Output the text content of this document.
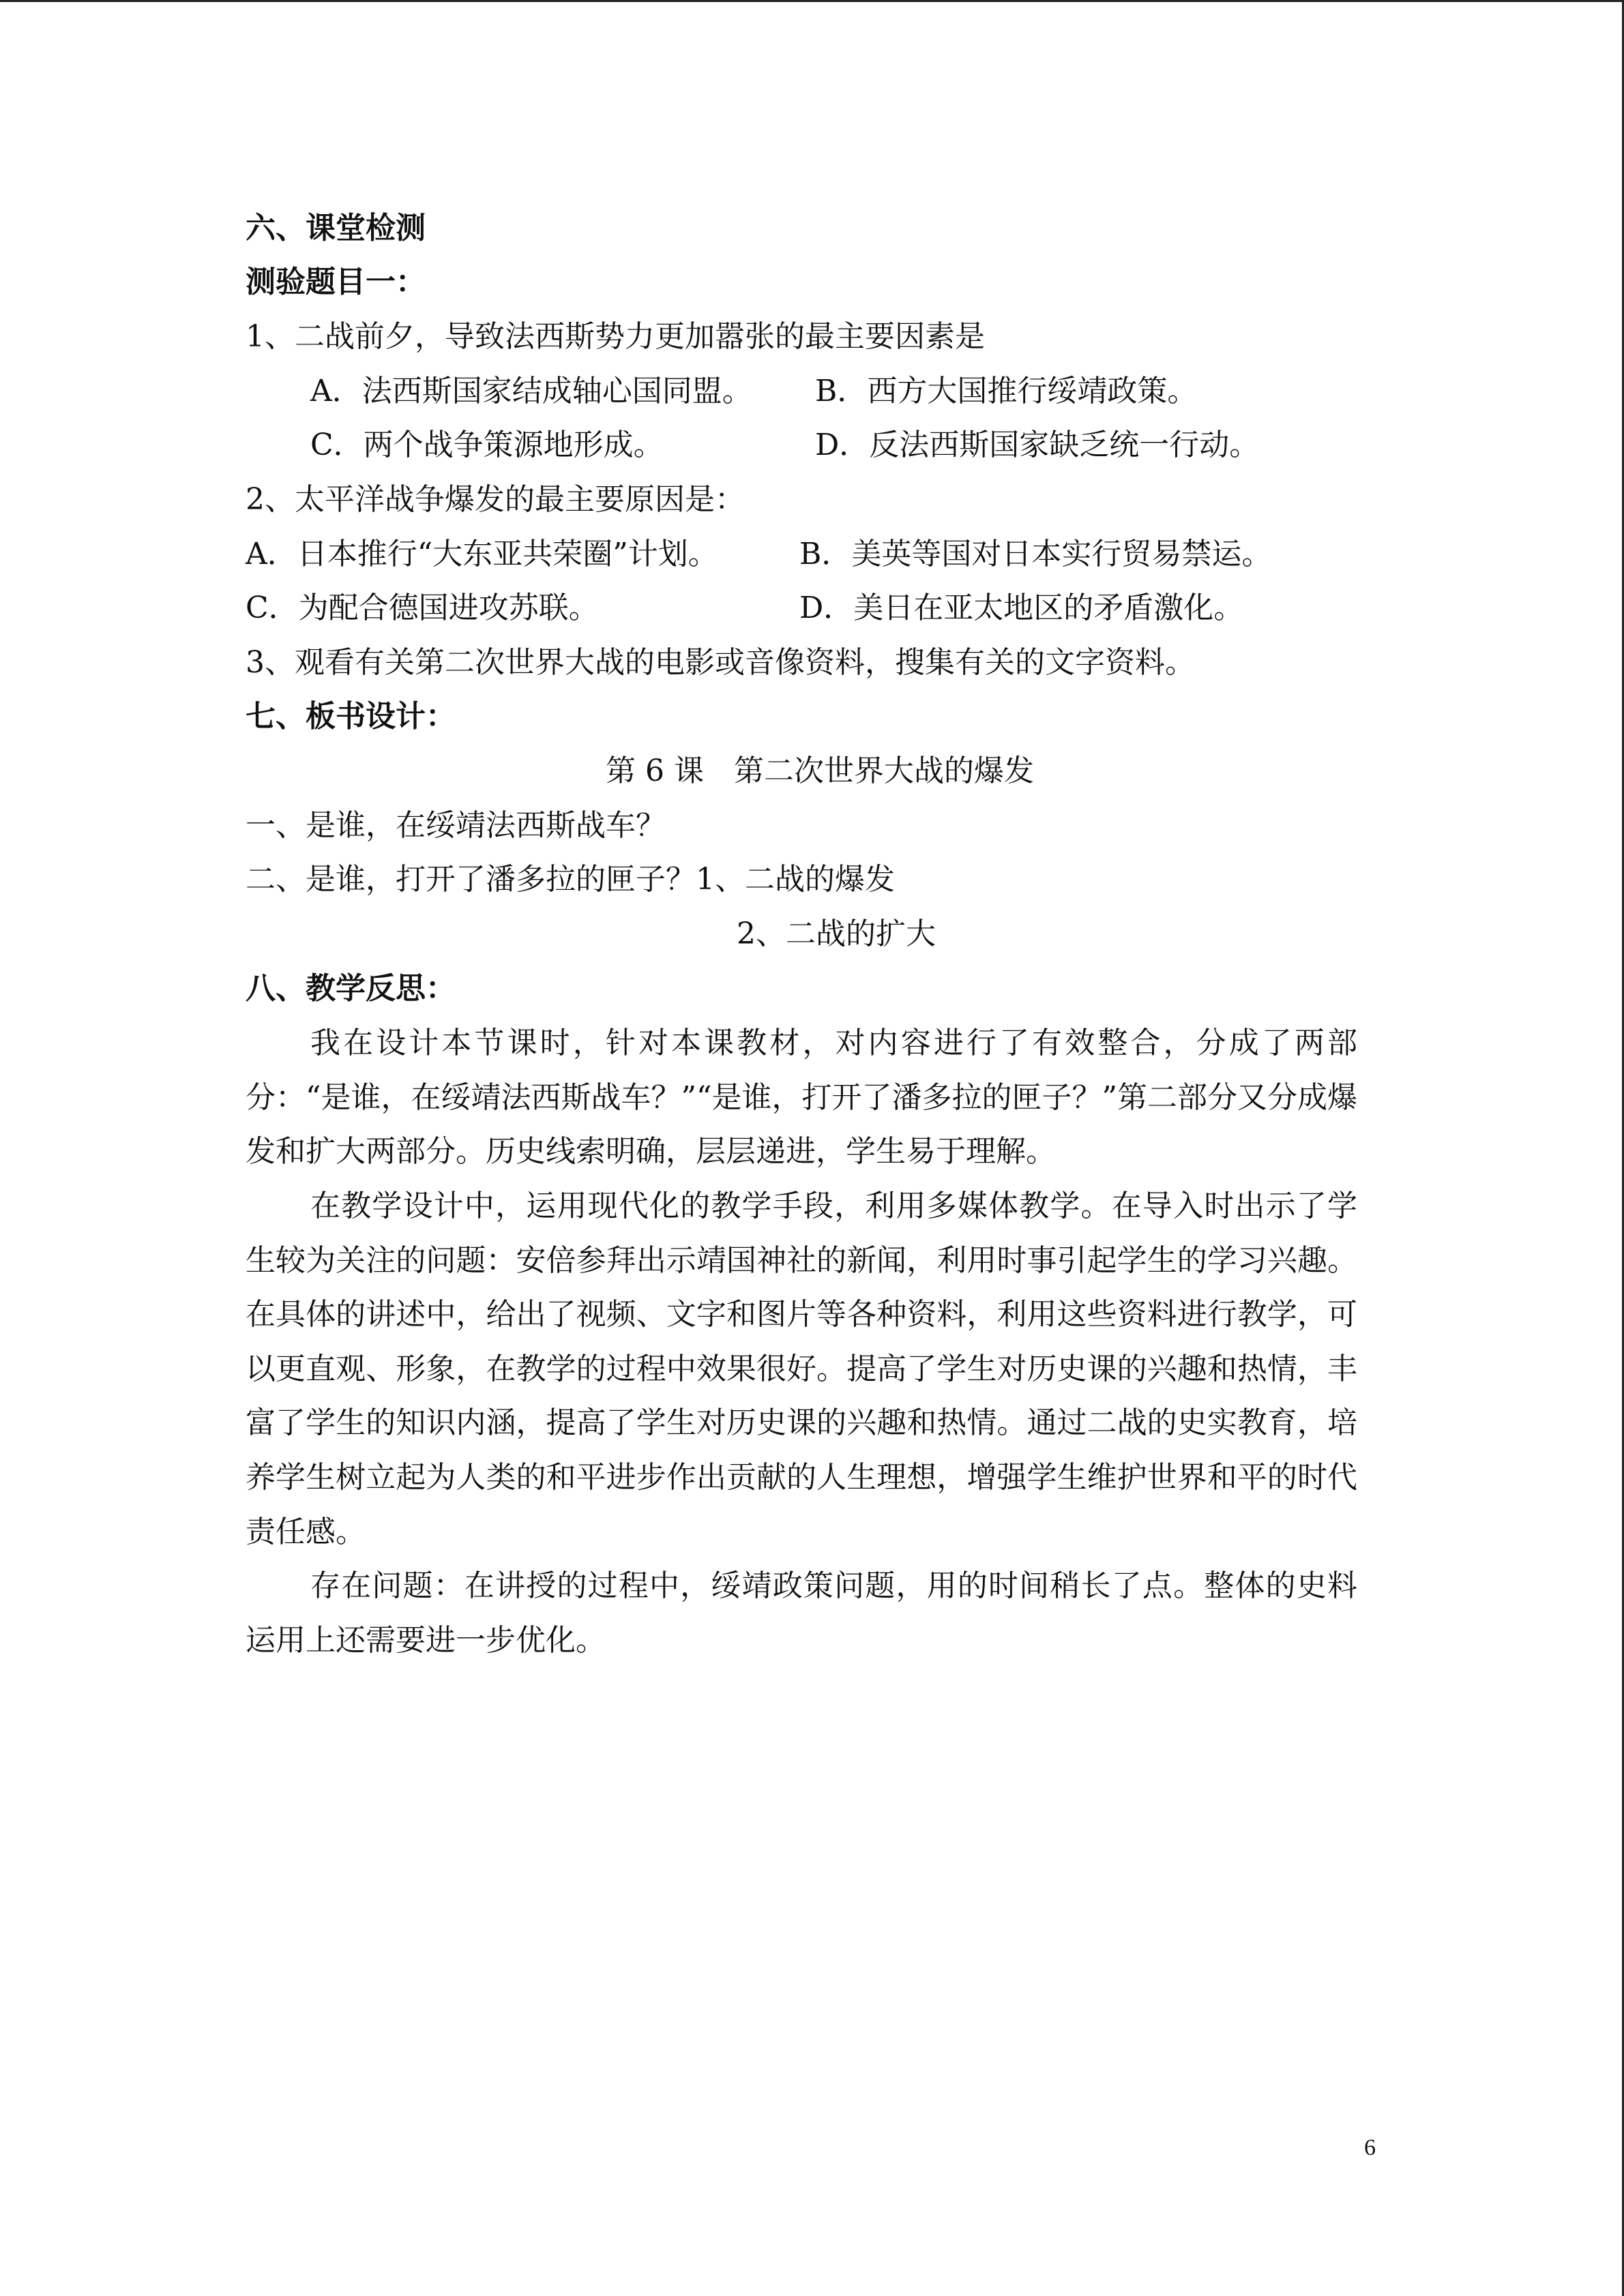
六、课堂检测
测验题目一：
1、二战前夕，导致法西斯势力更加嚣张的最主要因素是
A．法西斯国家结成轴心国同盟。 B．西方大国推行绥靖政策。
C．两个战争策源地形成。	D．反法西斯国家缺乏统一行动。
2、太平洋战争爆发的最主要原因是：
A．日本推行“大东亚共荣圈”计划。	B．美英等国对日本实行贸易禁运。
C．为配合德国进攻苏联。	D．美日在亚太地区的矛盾激化。
3、观看有关第二次世界大战的电影或音像资料，搜集有关的文字资料。
七、板书设计：
第 6 课　第二次世界大战的爆发
一、是谁，在绥靖法西斯战车？
二、是谁，打开了潘多拉的匣子？1、二战的爆发
2、二战的扩大
八、教学反思：

我在设计本节课时，针对本课教材，对内容进行了有效整合，分成了两部分：“是谁，在绥靖法西斯战车？”“是谁，打开了潘多拉的匣子？”第二部分又分成爆发和扩大两部分。历史线索明确，层层递进，学生易于理解。

在教学设计中，运用现代化的教学手段，利用多媒体教学。在导入时出示了学生较为关注的问题：安倍参拜出示靖国神社的新闻，利用时事引起学生的学习兴趣。在具体的讲述中，给出了视频、文字和图片等各种资料，利用这些资料进行教学，可以更直观、形象，在教学的过程中效果很好。提高了学生对历史课的兴趣和热情，丰富了学生的知识内涵，提高了学生对历史课的兴趣和热情。通过二战的史实教育，培养学生树立起为人类的和平进步作出贡献的人生理想，增强学生维护世界和平的时代责任感。

存在问题：在讲授的过程中，绥靖政策问题，用的时间稍长了点。整体的史料运用上还需要进一步优化。

6
